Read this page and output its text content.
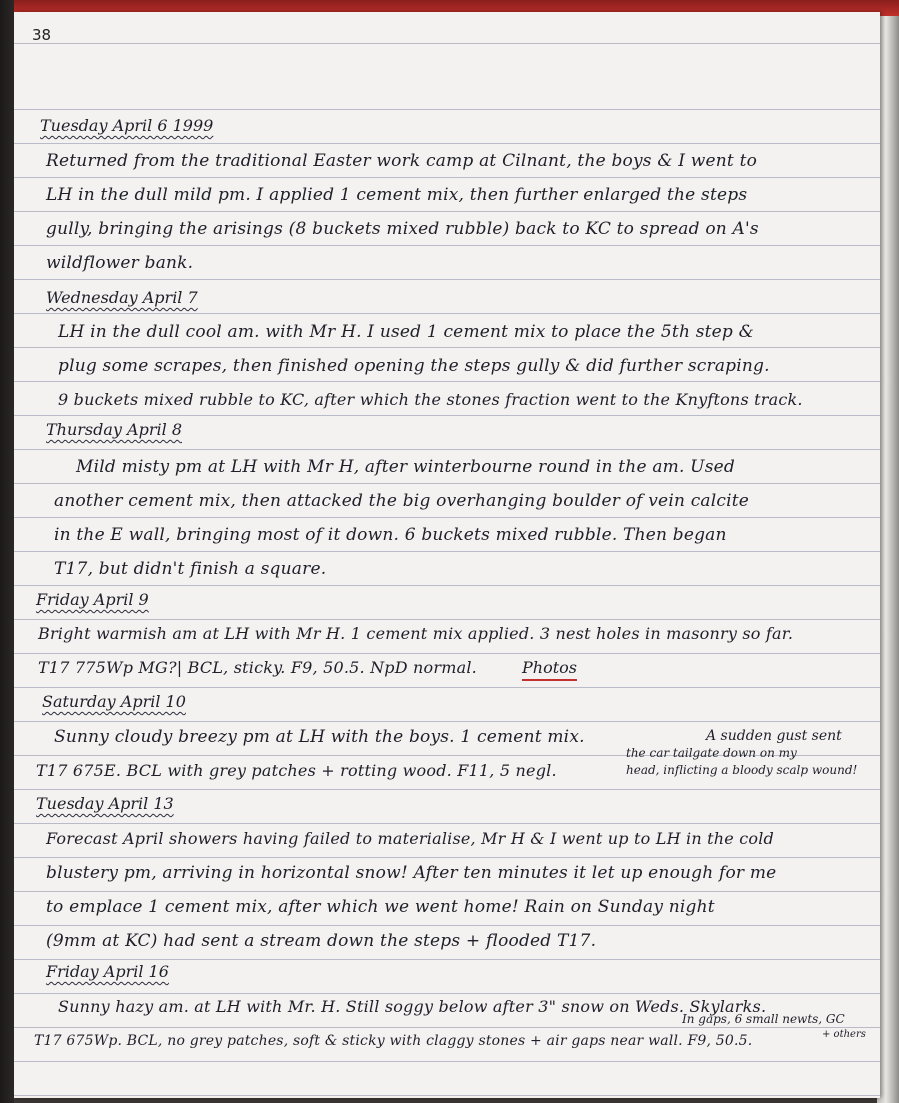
38
Tuesday April 6 1999
Returned from the traditional Easter work camp at Cilnant, the boys & I went to
LH in the dull mild pm. I applied 1 cement mix, then further enlarged the steps
gully, bringing the arisings (8 buckets mixed rubble) back to KC to spread on A's
wildflower bank.
Wednesday April 7
LH in the dull cool am. with Mr H. I used 1 cement mix to place the 5th step &
plug some scrapes, then finished opening the steps gully & did further scraping.
9 buckets mixed rubble to KC, after which the stones fraction went to the Knyftons track.
Thursday April 8
Mild misty pm at LH with Mr H, after winterbourne round in the am. Used
another cement mix, then attacked the big overhanging boulder of vein calcite
in the E wall, bringing most of it down. 6 buckets mixed rubble. Then began
T17, but didn't finish a square.
Friday April 9
Bright warmish am at LH with Mr H. 1 cement mix applied. 3 nest holes in masonry so far.
T17 775Wp MG?| BCL, sticky. F9, 50.5. NpD normal.	Photos
Saturday April 10
Sunny cloudy breezy pm at LH with the boys. 1 cement mix.
T17 675E. BCL with grey patches + rotting wood. F11, 5 negl.
A sudden gust sent
the car tailgate down on my
head, inflicting a bloody scalp wound!
Tuesday April 13
Forecast April showers having failed to materialise, Mr H & I went up to LH in the cold
blustery pm, arriving in horizontal snow! After ten minutes it let up enough for me
to emplace 1 cement mix, after which we went home! Rain on Sunday night
(9mm at KC) had sent a stream down the steps + flooded T17.
Friday April 16
Sunny hazy am. at LH with Mr. H. Still soggy below after 3" snow on Weds. Skylarks.
T17 675Wp. BCL, no grey patches, soft & sticky with claggy stones + air gaps near wall. F9, 50.5.
In gaps, 6 small newts, GC
+ others
